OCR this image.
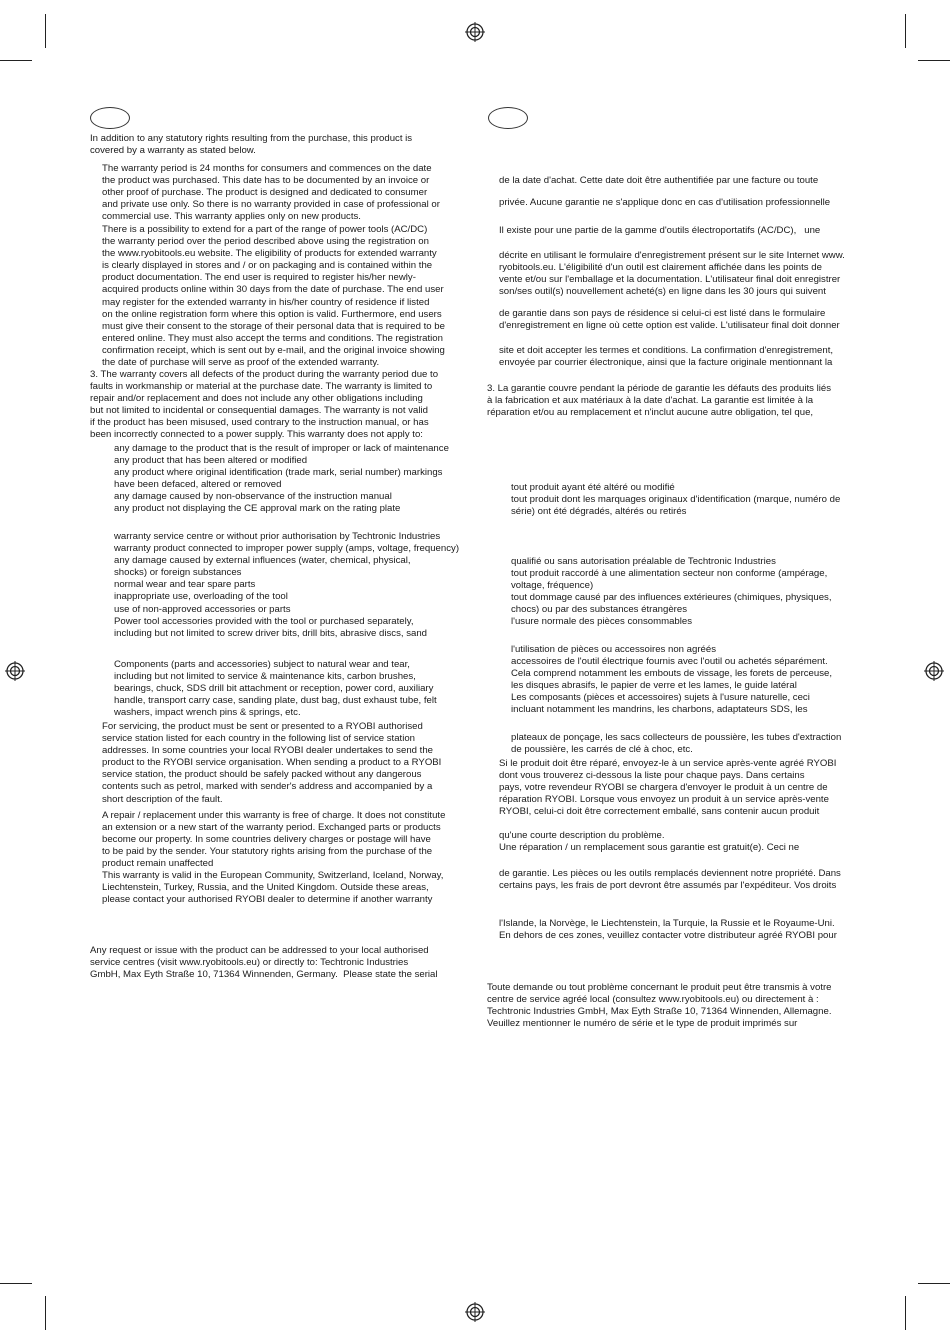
In addition to any statutory rights resulting from the purchase, this product is
covered by a warranty as stated below.
The warranty period is 24 months for consumers and commences on the date
the product was purchased. This date has to be documented by an invoice or
other proof of purchase. The product is designed and dedicated to consumer
and private use only. So there is no warranty provided in case of professional or
commercial use. This warranty applies only on new products.
There is a possibility to extend for a part of the range of power tools (AC/DC)
the warranty period over the period described above using the registration on
the www.ryobitools.eu website. The eligibility of products for extended warranty
is clearly displayed in stores and / or on packaging and is contained within the
product documentation. The end user is required to register his/her newly-
acquired products online within 30 days from the date of purchase. The end user
may register for the extended warranty in his/her country of residence if listed
on the online registration form where this option is valid. Furthermore, end users
must give their consent to the storage of their personal data that is required to be
entered online. They must also accept the terms and conditions. The registration
confirmation receipt, which is sent out by e-mail, and the original invoice showing
the date of purchase will serve as proof of the extended warranty.
3. The warranty covers all defects of the product during the warranty period due to
faults in workmanship or material at the purchase date. The warranty is limited to
repair and/or replacement and does not include any other obligations including
but not limited to incidental or consequential damages. The warranty is not valid
if the product has been misused, used contrary to the instruction manual, or has
been incorrectly connected to a power supply. This warranty does not apply to:
any damage to the product that is the result of improper or lack of maintenance
any product that has been altered or modified
any product where original identification (trade mark, serial number) markings
have been defaced, altered or removed
any damage caused by non-observance of the instruction manual
any product not displaying the CE approval mark on the rating plate
warranty service centre or without prior authorisation by Techtronic Industries
warranty product connected to improper power supply (amps, voltage, frequency)
any damage caused by external influences (water, chemical, physical,
shocks) or foreign substances
normal wear and tear spare parts
inappropriate use, overloading of the tool
use of non-approved accessories or parts
Power tool accessories provided with the tool or purchased separately,
including but not limited to screw driver bits, drill bits, abrasive discs, sand
Components (parts and accessories) subject to natural wear and tear,
including but not limited to service & maintenance kits, carbon brushes,
bearings, chuck, SDS drill bit attachment or reception, power cord, auxiliary
handle, transport carry case, sanding plate, dust bag, dust exhaust tube, felt
washers, impact wrench pins & springs, etc.
For servicing, the product must be sent or presented to a RYOBI authorised
service station listed for each country in the following list of service station
addresses. In some countries your local RYOBI dealer undertakes to send the
product to the RYOBI service organisation. When sending a product to a RYOBI
service station, the product should be safely packed without any dangerous
contents such as petrol, marked with sender's address and accompanied by a
short description of the fault.
A repair / replacement under this warranty is free of charge. It does not constitute
an extension or a new start of the warranty period. Exchanged parts or products
become our property. In some countries delivery charges or postage will have
to be paid by the sender. Your statutory rights arising from the purchase of the
product remain unaffected
This warranty is valid in the European Community, Switzerland, Iceland, Norway,
Liechtenstein, Turkey, Russia, and the United Kingdom. Outside these areas,
please contact your authorised RYOBI dealer to determine if another warranty
Any request or issue with the product can be addressed to your local authorised
service centres (visit www.ryobitools.eu) or directly to: Techtronic Industries
GmbH, Max Eyth Straße 10, 71364 Winnenden, Germany.  Please state the serial
de la date d'achat. Cette date doit être authentifiée par une facture ou toute
privée. Aucune garantie ne s'applique donc en cas d'utilisation professionnelle
Il existe pour une partie de la gamme d'outils électroportatifs (AC/DC),   une
décrite en utilisant le formulaire d'enregistrement présent sur le site Internet www.
ryobitools.eu. L'éligibilité d'un outil est clairement affichée dans les points de
vente et/ou sur l'emballage et la documentation. L'utilisateur final doit enregistrer
son/ses outil(s) nouvellement acheté(s) en ligne dans les 30 jours qui suivent
de garantie dans son pays de résidence si celui-ci est listé dans le formulaire
d'enregistrement en ligne où cette option est valide. L'utilisateur final doit donner
site et doit accepter les termes et conditions. La confirmation d'enregistrement,
envoyée par courrier électronique, ainsi que la facture originale mentionnant la
3. La garantie couvre pendant la période de garantie les défauts des produits liés
à la fabrication et aux matériaux à la date d'achat. La garantie est limitée à la
réparation et/ou au remplacement et n'inclut aucune autre obligation, tel que,
tout produit ayant été altéré ou modifié
tout produit dont les marquages originaux d'identification (marque, numéro de
série) ont été dégradés, altérés ou retirés
qualifié ou sans autorisation préalable de Techtronic Industries
tout produit raccordé à une alimentation secteur non conforme (ampérage,
voltage, fréquence)
tout dommage causé par des influences extérieures (chimiques, physiques,
chocs) ou par des substances étrangères
l'usure normale des pièces consommables
l'utilisation de pièces ou accessoires non agréés
accessoires de l'outil électrique fournis avec l'outil ou achetés séparément.
Cela comprend notamment les embouts de vissage, les forets de perceuse,
les disques abrasifs, le papier de verre et les lames, le guide latéral
Les composants (pièces et accessoires) sujets à l'usure naturelle, ceci
incluant notamment les mandrins, les charbons, adaptateurs SDS, les
plateaux de ponçage, les sacs collecteurs de poussière, les tubes d'extraction
de poussière, les carrés de clé à choc, etc.
Si le produit doit être réparé, envoyez-le à un service après-vente agréé RYOBI
dont vous trouverez ci-dessous la liste pour chaque pays. Dans certains
pays, votre revendeur RYOBI se chargera d'envoyer le produit à un centre de
réparation RYOBI. Lorsque vous envoyez un produit à un service après-vente
RYOBI, celui-ci doit être correctement emballé, sans contenir aucun produit
qu'une courte description du problème.
Une réparation / un remplacement sous garantie est gratuit(e). Ceci ne
de garantie. Les pièces ou les outils remplacés deviennent notre propriété. Dans
certains pays, les frais de port devront être assumés par l'expéditeur. Vos droits
l'Islande, la Norvège, le Liechtenstein, la Turquie, la Russie et le Royaume-Uni.
En dehors de ces zones, veuillez contacter votre distributeur agréé RYOBI pour
Toute demande ou tout problème concernant le produit peut être transmis à votre
centre de service agréé local (consultez www.ryobitools.eu) ou directement à :
Techtronic Industries GmbH, Max Eyth Straße 10, 71364 Winnenden, Allemagne.
Veuillez mentionner le numéro de série et le type de produit imprimés sur
